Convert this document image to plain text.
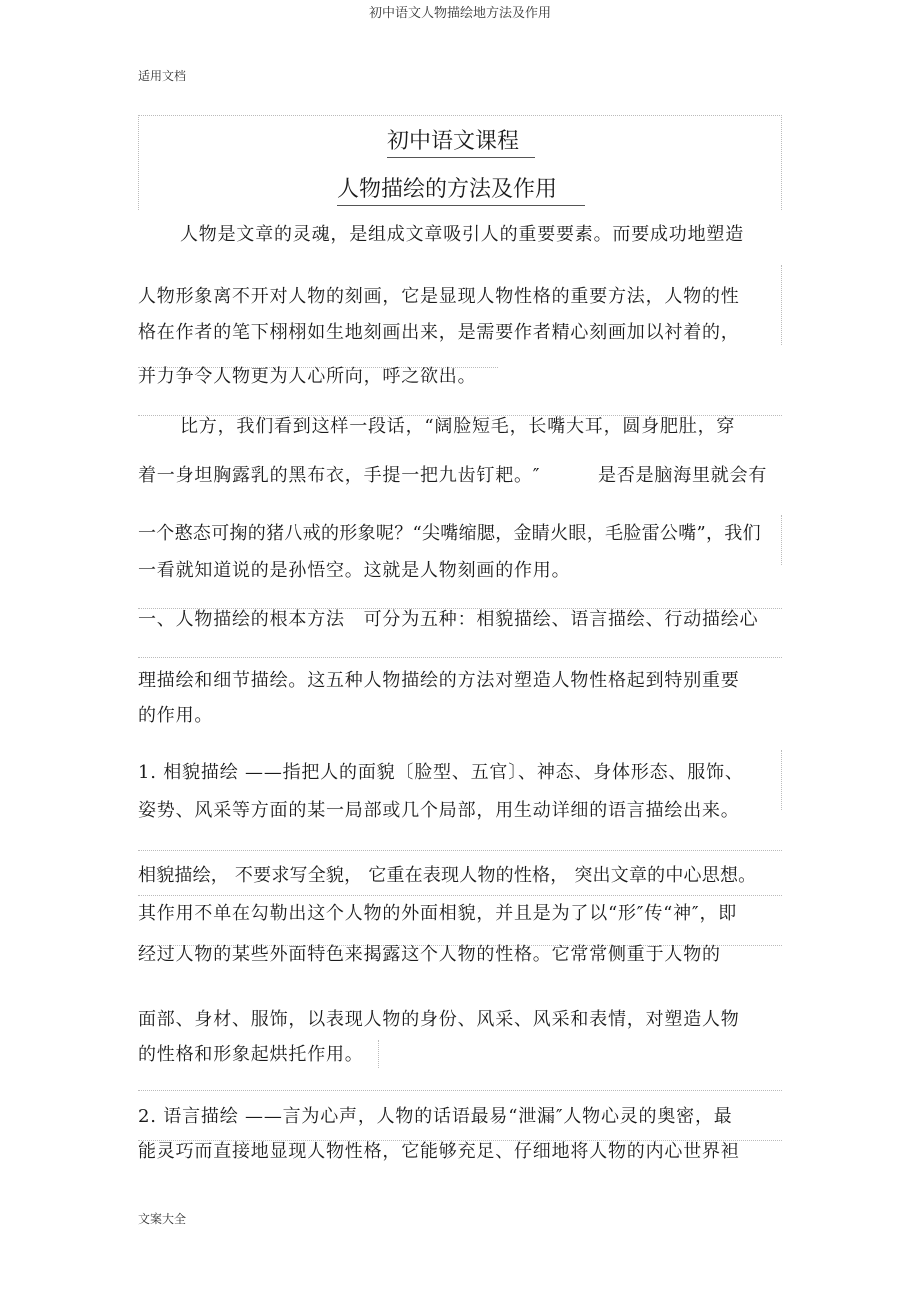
初中语文人物描绘地方法及作用
适用文档
初中语文课程
人物描绘的方法及作用
人物是文章的灵魂，是组成文章吸引人的重要要素。而要成功地塑造
人物形象离不开对人物的刻画，它是显现人物性格的重要方法，人物的性
格在作者的笔下栩栩如生地刻画出来，是需要作者精心刻画加以衬着的，
并力争令人物更为人心所向，呼之欲出。
比方，我们看到这样一段话，“阔脸短毛，长嘴大耳，圆身肥肚，穿
着一身坦胸露乳的黑布衣，手提一把九齿钉耙。″	是否是脑海里就会有
一个憨态可掬的猪八戒的形象呢？“尖嘴缩腮，金睛火眼，毛脸雷公嘴”，我们
一看就知道说的是孙悟空。这就是人物刻画的作用。
一、人物描绘的根本方法　可分为五种：相貌描绘、语言描绘、行动描绘心
理描绘和细节描绘。这五种人物描绘的方法对塑造人物性格起到特别重要
的作用。
1. 相貌描绘 ——指把人的面貌〔脸型、五官〕、神态、身体形态、服饰、
姿势、风采等方面的某一局部或几个局部，用生动详细的语言描绘出来。
相貌描绘， 不要求写全貌， 它重在表现人物的性格， 突出文章的中心思想。
其作用不单在勾勒出这个人物的外面相貌，并且是为了以“形″传“神″，即
经过人物的某些外面特色来揭露这个人物的性格。它常常侧重于人物的
面部、身材、服饰，以表现人物的身份、风采、风采和表情，对塑造人物
的性格和形象起烘托作用。
2. 语言描绘 ——言为心声，人物的话语最易“泄漏″人物心灵的奥密，最
能灵巧而直接地显现人物性格，它能够充足、仔细地将人物的内心世界袒
文案大全
